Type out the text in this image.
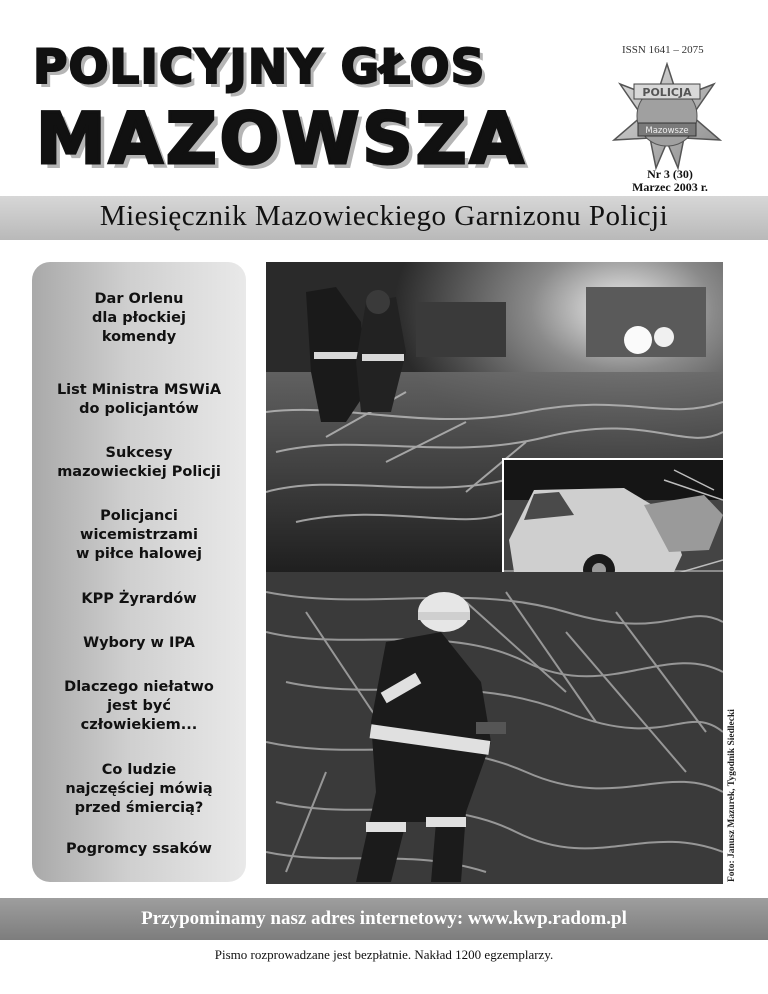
POLICYJNY GŁOS
MAZOWSZA
ISSN 1641 – 2075
POLICJA
Mazowsze
Nr 3 (30)
Marzec 2003 r.
Miesięcznik Mazowieckiego Garnizonu Policji
Dar Orlenu
dla płockiej
komendy
List Ministra MSWiA
do policjantów
Sukcesy
mazowieckiej Policji
Policjanci
wicemistrzami
w piłce halowej
KPP Żyrardów
Wybory w IPA
Dlaczego niełatwo
jest być
człowiekiem...
Co ludzie
najczęściej mówią
przed śmiercią?
Pogromcy ssaków	Foto: Janusz Mazurek, Tygodnik Siedlecki
Przypominamy nasz adres internetowy: www.kwp.radom.pl
Pismo rozprowadzane jest bezpłatnie. Nakład 1200 egzemplarzy.
